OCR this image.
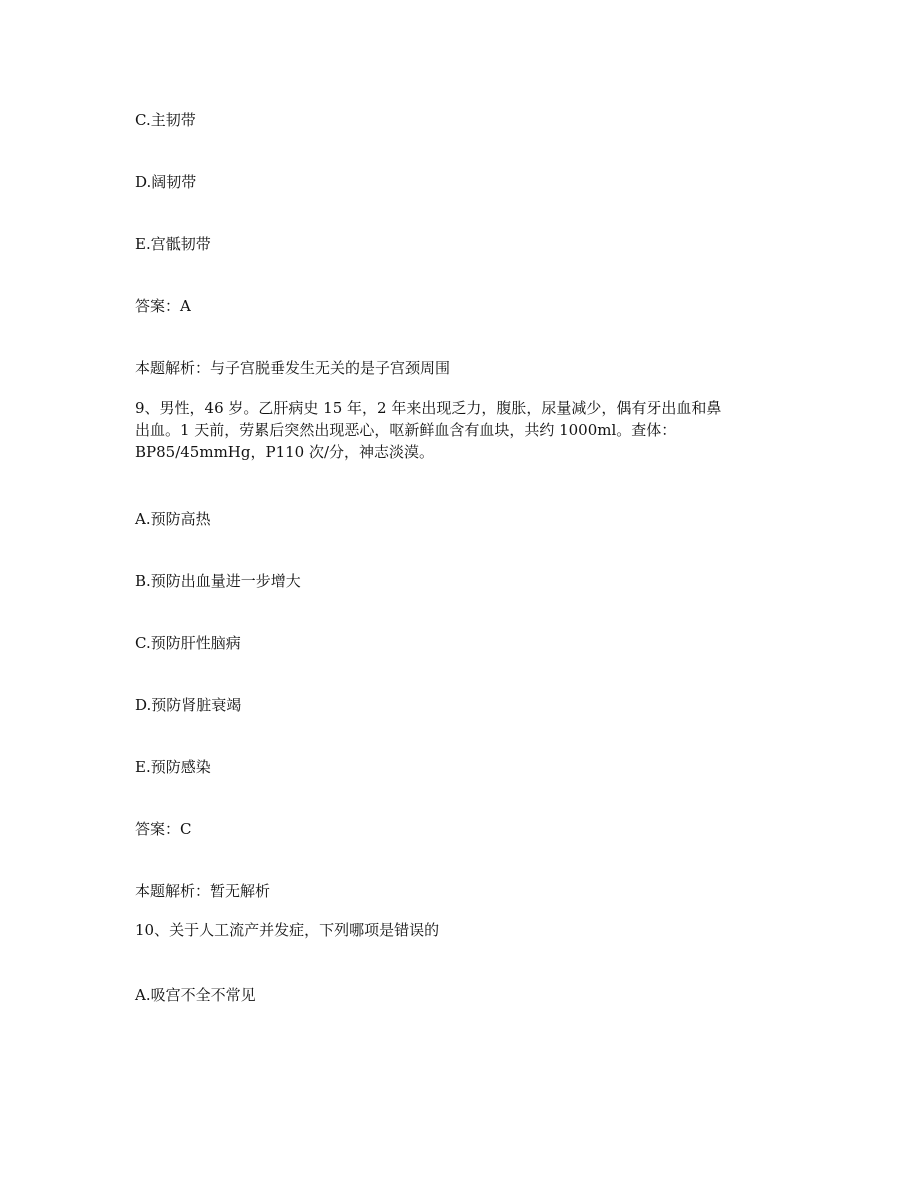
C.主韧带
D.阔韧带
E.宫骶韧带
答案：A
本题解析：与子宫脱垂发生无关的是子宫颈周围
9、男性，46 岁。乙肝病史 15 年，2 年来出现乏力，腹胀，尿量减少，偶有牙出血和鼻
出血。1 天前，劳累后突然出现恶心，呕新鲜血含有血块，共约 1000ml。查体：
BP85/45mmHg，P110 次/分，神志淡漠。
A.预防高热
B.预防出血量进一步增大
C.预防肝性脑病
D.预防肾脏衰竭
E.预防感染
答案：C
本题解析：暂无解析
10、关于人工流产并发症，下列哪项是错误的
A.吸宫不全不常见
